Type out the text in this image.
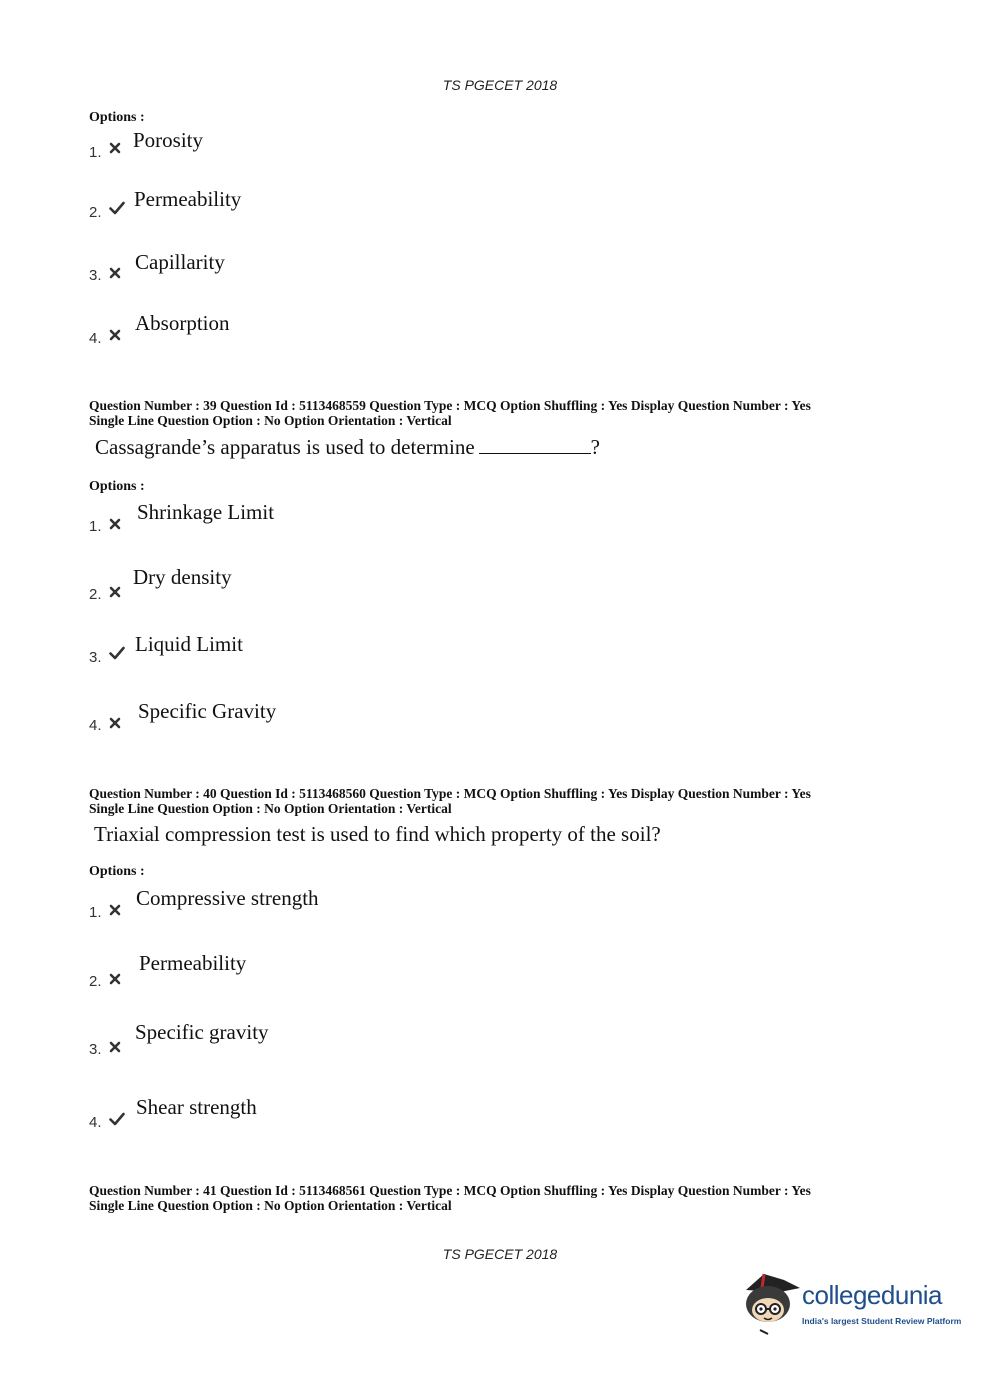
TS PGECET 2018
Options :
1.
Porosity
2.
Permeability
3.
Capillarity
4.
Absorption
Question Number : 39 Question Id : 5113468559 Question Type : MCQ Option Shuffling : Yes Display Question Number : Yes
Single Line Question Option : No Option Orientation : Vertical
Cassagrande’s apparatus is used to determine	?
Options :
1.
Shrinkage Limit
2.
Dry density
3.
Liquid Limit
4.
Specific Gravity
Question Number : 40 Question Id : 5113468560 Question Type : MCQ Option Shuffling : Yes Display Question Number : Yes
Single Line Question Option : No Option Orientation : Vertical
Triaxial compression test is used to find which property of the soil?
Options :
1.
Compressive strength
2.
Permeability
3.
Specific gravity
4.
Shear strength
Question Number : 41 Question Id : 5113468561 Question Type : MCQ Option Shuffling : Yes Display Question Number : Yes
Single Line Question Option : No Option Orientation : Vertical
TS PGECET 2018
collegedunia
India's largest Student Review Platform
